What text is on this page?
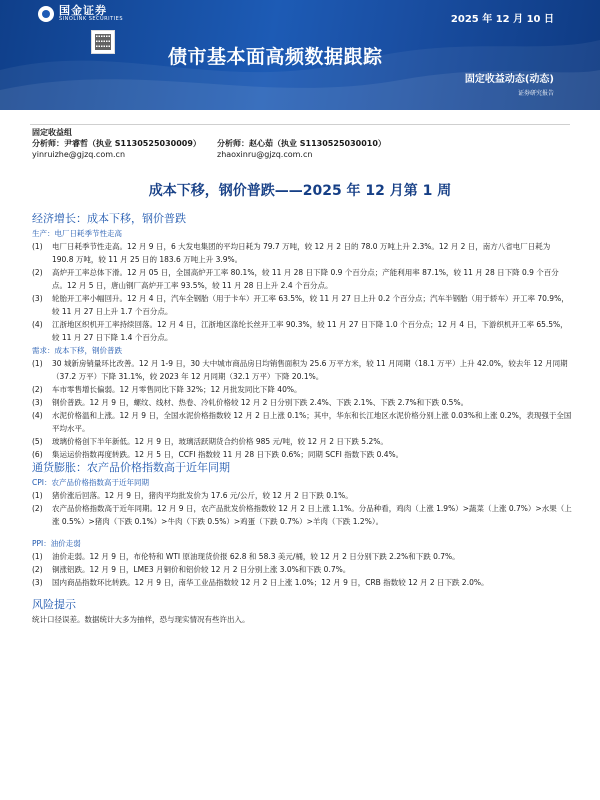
国金证券
SINOLINK SECURITIES	2025 年 12 月 10 日
债市基本面高频数据跟踪
固定收益动态(动态)
证券研究报告
固定收益组
分析师：尹睿哲（执业 S1130525030009）	分析师：赵心茹（执业 S1130525030010）
yinruizhe@gjzq.com.cn	zhaoxinru@gjzq.com.cn
成本下移，钢价普跌——2025 年 12 月第 1 周
经济增长：成本下移，钢价普跌
生产：电厂日耗季节性走高
(1)	电厂日耗季节性走高。12 月 9 日，6 大发电集团的平均日耗为 79.7 万吨，较 12 月 2 日的 78.0 万吨上升 2.3%。12 月 2 日，南方八省电厂日耗为 190.8 万吨，较 11 月 25 日的 183.6 万吨上升 3.9%。
(2)	高炉开工率总体下滑。12 月 05 日，全国高炉开工率 80.1%，较 11 月 28 日下降 0.9 个百分点；产能利用率 87.1%，较 11 月 28 日下降 0.9 个百分点。12 月 5 日，唐山钢厂高炉开工率 93.5%，较 11 月 28 日上升 2.4 个百分点。
(3)	轮胎开工率小幅回升。12 月 4 日，汽车全钢胎（用于卡车）开工率 63.5%，较 11 月 27 日上升 0.2 个百分点；汽车半钢胎（用于轿车）开工率 70.9%，较 11 月 27 日上升 1.7 个百分点。
(4)	江浙地区织机开工率持续回落。12 月 4 日，江浙地区涤纶长丝开工率 90.3%，较 11 月 27 日下降 1.0 个百分点；12 月 4 日，下游织机开工率 65.5%，较 11 月 27 日下降 1.4 个百分点。
需求：成本下移，钢价普跌
(1)	30 城新房销量环比改善。12 月 1-9 日，30 大中城市商品房日均销售面积为 25.6 万平方米，较 11 月同期（18.1 万平）上升 42.0%，较去年 12 月同期（37.2 万平）下降 31.1%，较 2023 年 12 月同期（32.1 万平）下降 20.1%。
(2)	车市零售增长偏弱。12 月零售同比下降 32%；12 月批发同比下降 40%。
(3)	钢价普跌。12 月 9 日，螺纹、线材、热卷、冷轧价格较 12 月 2 日分别下跌 2.4%、下跌 2.1%、下跌 2.7%和下跌 0.5%。
(4)	水泥价格温和上涨。12 月 9 日，全国水泥价格指数较 12 月 2 日上涨 0.1%；其中，华东和长江地区水泥价格分别上涨 0.03%和上涨 0.2%，表现强于全国平均水平。
(5)	玻璃价格创下半年新低。12 月 9 日，玻璃活跃期货合约价格 985 元/吨，较 12 月 2 日下跌 5.2%。
(6)	集运运价指数再度转跌。12 月 5 日，CCFI 指数较 11 月 28 日下跌 0.6%；同期 SCFI 指数下跌 0.4%。
通货膨胀：农产品价格指数高于近年同期
CPI：农产品价格指数高于近年同期
(1)	猪价涨后回落。12 月 9 日，猪肉平均批发价为 17.6 元/公斤，较 12 月 2 日下跌 0.1%。
(2)	农产品价格指数高于近年同期。12 月 9 日，农产品批发价格指数较 12 月 2 日上涨 1.1%。分品种看，鸡肉（上涨 1.9%）>蔬菜（上涨 0.7%）>水果（上涨 0.5%）>猪肉（下跌 0.1%）>牛肉（下跌 0.5%）>鸡蛋（下跌 0.7%）>羊肉（下跌 1.2%）。
PPI：油价走弱
(1)	油价走弱。12 月 9 日，布伦特和 WTI 原油现货价报 62.8 和 58.3 美元/桶，较 12 月 2 日分别下跌 2.2%和下跌 0.7%。
(2)	铜涨铝跌。12 月 9 日，LME3 月铜价和铝价较 12 月 2 日分别上涨 3.0%和下跌 0.7%。
(3)	国内商品指数环比转跌。12 月 9 日，南华工业品指数较 12 月 2 日上涨 1.0%；12 月 9 日，CRB 指数较 12 月 2 日下跌 2.0%。
风险提示
统计口径误差。数据统计大多为抽样，恐与现实情况有些许出入。
